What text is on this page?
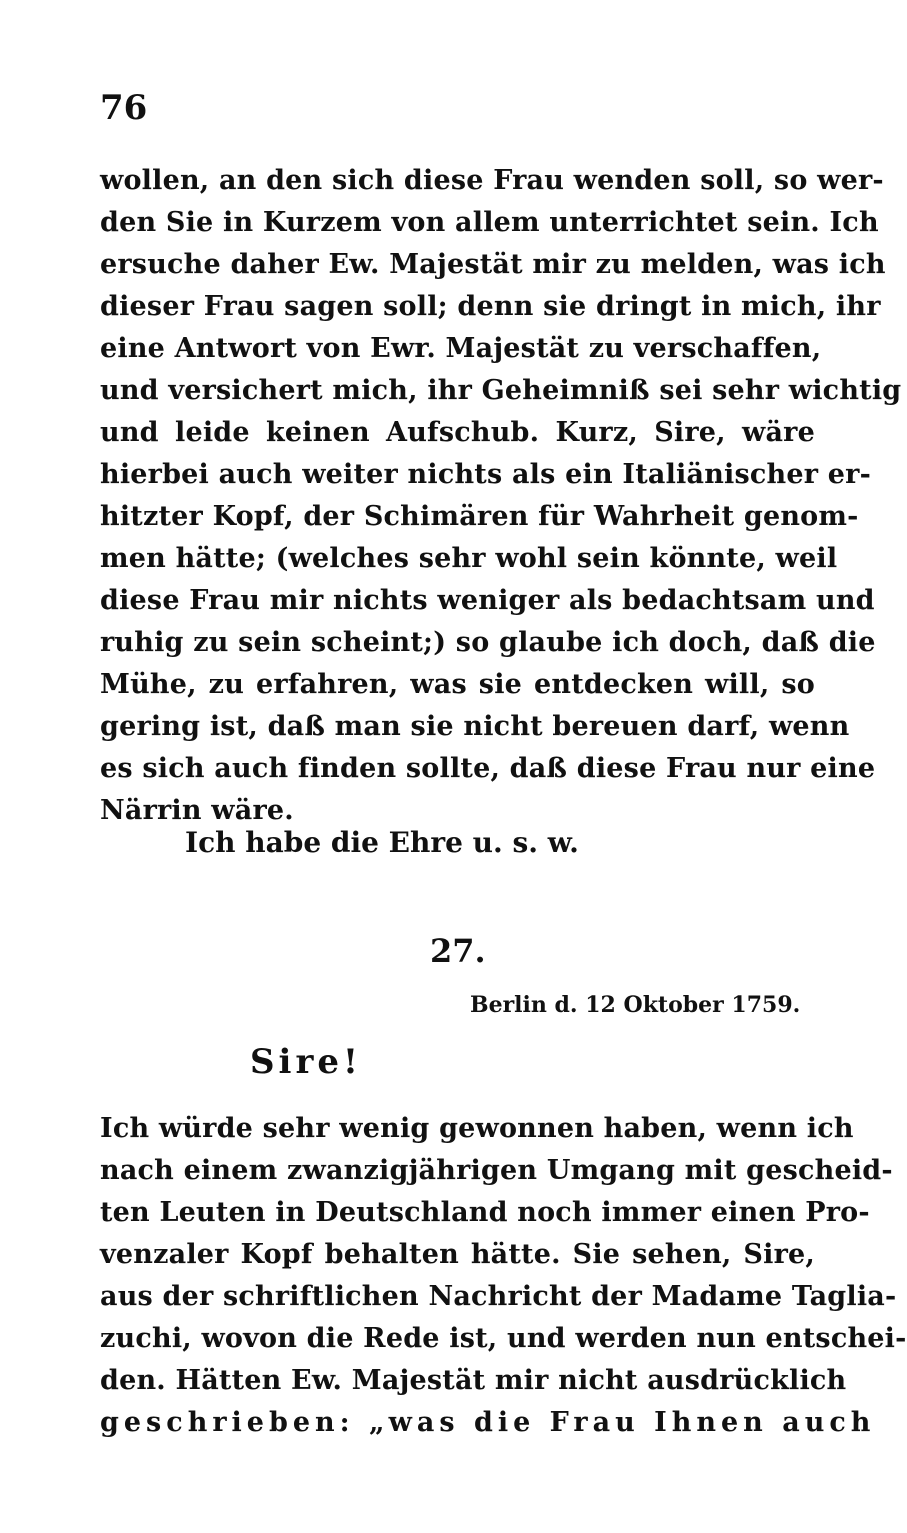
76
wollen, an den sich diese Frau wenden soll, so wer-
den Sie in Kurzem von allem unterrichtet sein. Ich
ersuche daher Ew. Majestät mir zu melden, was ich
dieser Frau sagen soll; denn sie dringt in mich, ihr
eine Antwort von Ewr. Majestät zu verschaffen,
und versichert mich, ihr Geheimniß sei sehr wichtig
und leide keinen Aufschub. Kurz, Sire, wäre
hierbei auch weiter nichts als ein Italiänischer er-
hitzter Kopf, der Schimären für Wahrheit genom-
men hätte; (welches sehr wohl sein könnte, weil
diese Frau mir nichts weniger als bedachtsam und
ruhig zu sein scheint;) so glaube ich doch, daß die
Mühe, zu erfahren, was sie entdecken will, so
gering ist, daß man sie nicht bereuen darf, wenn
es sich auch finden sollte, daß diese Frau nur eine
Närrin wäre.
Ich habe die Ehre u. s. w.
27.
Berlin d. 12 Oktober 1759.
Sire!
Ich würde sehr wenig gewonnen haben, wenn ich
nach einem zwanzigjährigen Umgang mit gescheid-
ten Leuten in Deutschland noch immer einen Pro-
venzaler Kopf behalten hätte. Sie sehen, Sire,
aus der schriftlichen Nachricht der Madame Taglia-
zuchi, wovon die Rede ist, und werden nun entschei-
den. Hätten Ew. Majestät mir nicht ausdrücklich
geschrieben: „was die Frau Ihnen auch
